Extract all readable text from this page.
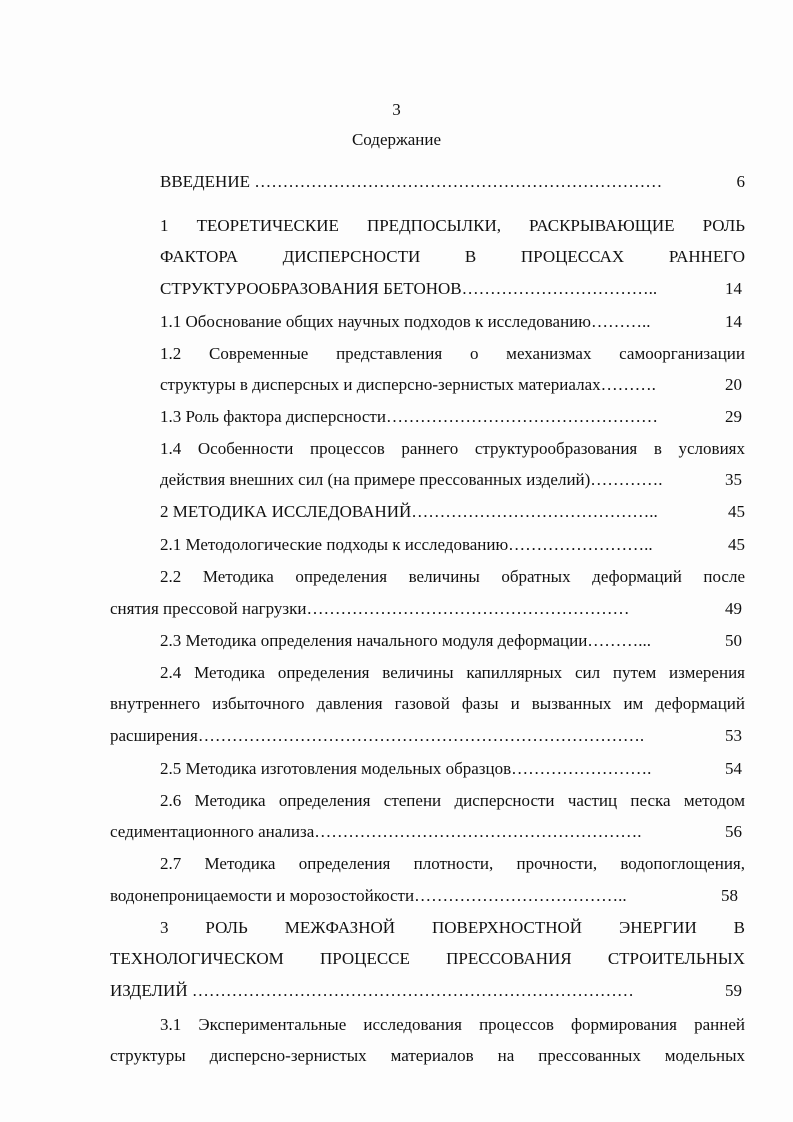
3
Содержание
ВВЕДЕНИЕ ………………………………………………………………	6
1 ТЕОРЕТИЧЕСКИЕ ПРЕДПОСЫЛКИ, РАСКРЫВАЮЩИЕ РОЛЬ
ФАКТОРА ДИСПЕРСНОСТИ В ПРОЦЕССАХ РАННЕГО
СТРУКТУРООБРАЗОВАНИЯ БЕТОНОВ……………………………..	14
1.1 Обоснование общих научных подходов к исследованию………..	14
1.2 Современные представления о механизмах самоорганизации
структуры в дисперсных и дисперсно-зернистых материалах……….	20
1.3 Роль фактора дисперсности…………………………………………	29
1.4 Особенности процессов раннего структурообразования в условиях
действия внешних сил (на примере прессованных изделий)………….	35
2 МЕТОДИКА ИССЛЕДОВАНИЙ……………………………………..	45
2.1 Методологические подходы к исследованию……………………..	45
2.2 Методика определения величины обратных деформаций после
снятия прессовой нагрузки…………………………………………………	49
2.3 Методика определения начального модуля деформации………...	50
2.4 Методика определения величины капиллярных сил путем измерения
внутреннего избыточного давления газовой фазы и вызванных им деформаций
расширения…………………………………………………………………….	53
2.5 Методика изготовления модельных образцов…………………….	54
2.6 Методика определения степени дисперсности частиц песка методом
седиментационного анализа………………………………………………….	56
2.7 Методика определения плотности, прочности, водопоглощения,
водонепроницаемости и морозостойкости………………………………..	58
3 РОЛЬ МЕЖФАЗНОЙ ПОВЕРХНОСТНОЙ ЭНЕРГИИ В
ТЕХНОЛОГИЧЕСКОМ ПРОЦЕССЕ ПРЕССОВАНИЯ СТРОИТЕЛЬНЫХ
ИЗДЕЛИЙ ……………………………………………………………………	59
3.1 Экспериментальные исследования процессов формирования ранней
структуры дисперсно-зернистых материалов на прессованных модельных
